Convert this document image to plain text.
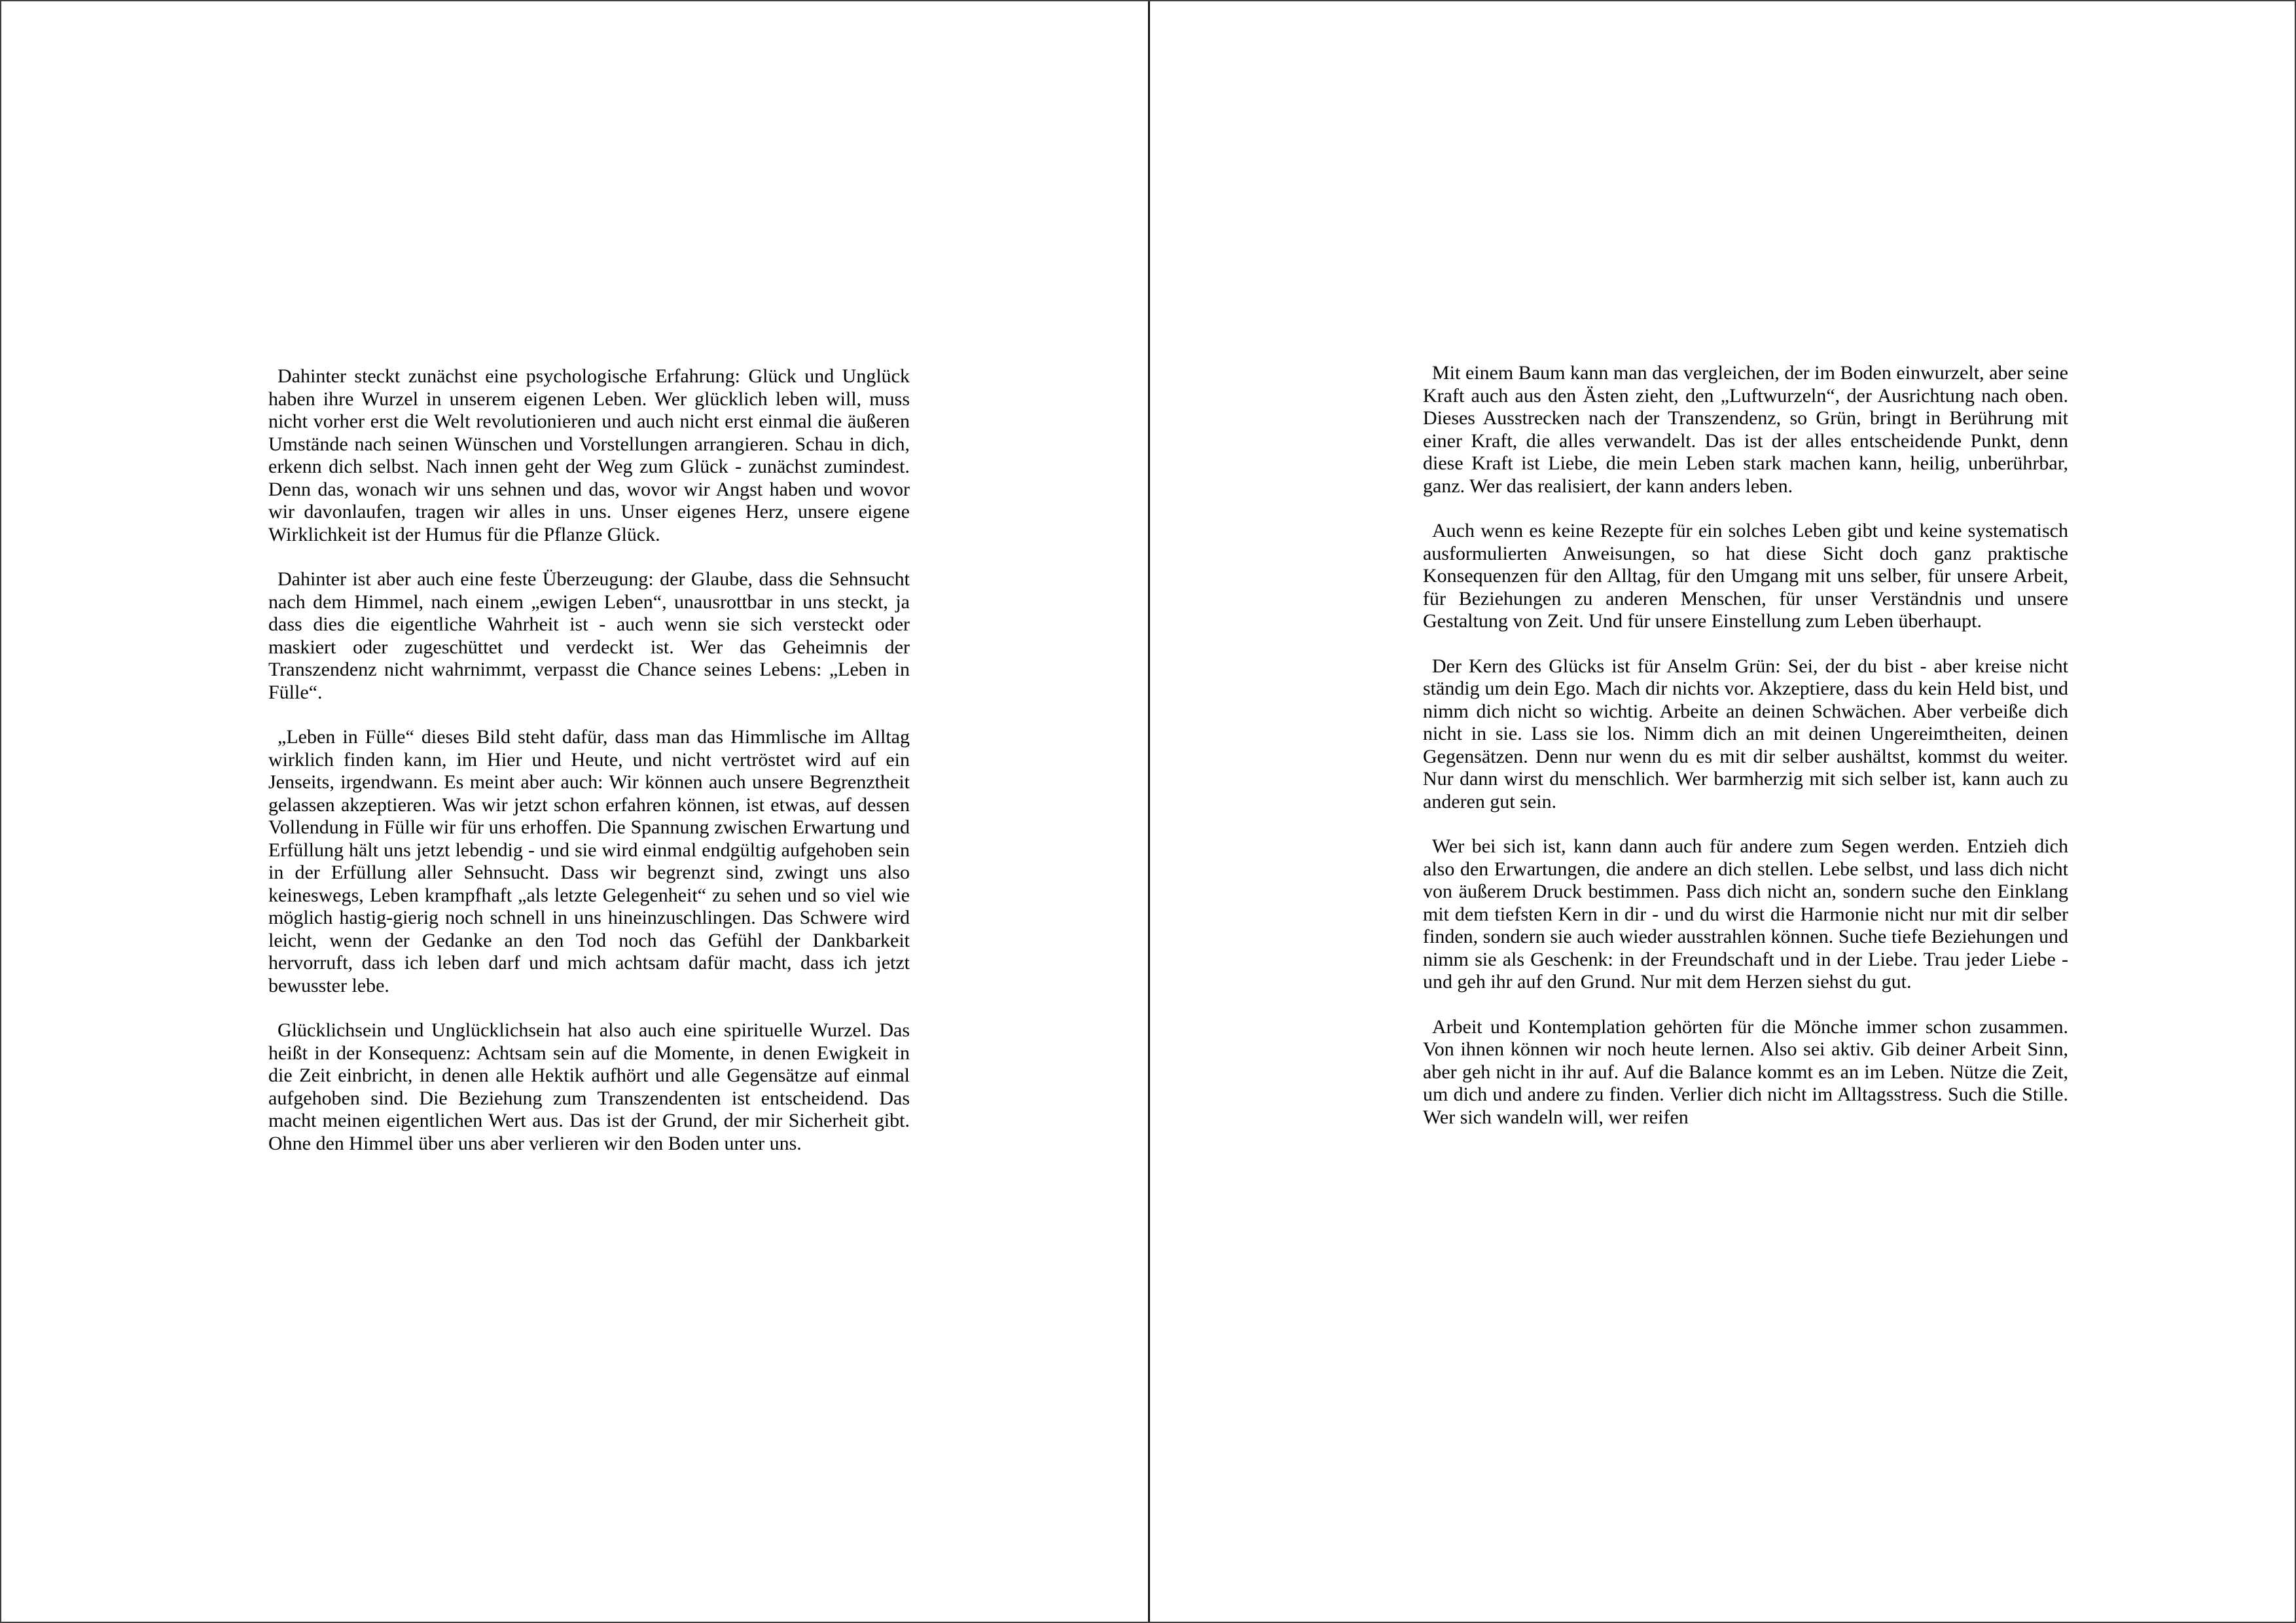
Dahinter steckt zunächst eine psychologische Erfahrung: Glück und Unglück haben ihre Wurzel in unserem eigenen Leben. Wer glücklich leben will, muss nicht vorher erst die Welt revolutionieren und auch nicht erst einmal die äußeren Umstände nach seinen Wünschen und Vorstellungen arrangieren. Schau in dich, erkenn dich selbst. Nach innen geht der Weg zum Glück - zunächst zumindest. Denn das, wonach wir uns sehnen und das, wovor wir Angst haben und wovor wir davonlaufen, tragen wir alles in uns. Unser eigenes Herz, unsere eigene Wirklichkeit ist der Humus für die Pflanze Glück.

Dahinter ist aber auch eine feste Überzeugung: der Glaube, dass die Sehnsucht nach dem Himmel, nach einem „ewigen Leben“, unausrottbar in uns steckt, ja dass dies die eigentliche Wahrheit ist - auch wenn sie sich versteckt oder maskiert oder zugeschüttet und verdeckt ist. Wer das Geheimnis der Transzendenz nicht wahrnimmt, verpasst die Chance seines Lebens: „Leben in Fülle“.

„Leben in Fülle“ dieses Bild steht dafür, dass man das Himmlische im Alltag wirklich finden kann, im Hier und Heute, und nicht vertröstet wird auf ein Jenseits, irgendwann. Es meint aber auch: Wir können auch unsere Begrenztheit gelassen akzeptieren. Was wir jetzt schon erfahren können, ist etwas, auf dessen Vollendung in Fülle wir für uns erhoffen. Die Spannung zwischen Erwartung und Erfüllung hält uns jetzt lebendig - und sie wird einmal endgültig aufgehoben sein in der Erfüllung aller Sehnsucht. Dass wir begrenzt sind, zwingt uns also keineswegs, Leben krampfhaft „als letzte Gelegenheit“ zu sehen und so viel wie möglich hastig-gierig noch schnell in uns hineinzuschlingen. Das Schwere wird leicht, wenn der Gedanke an den Tod noch das Gefühl der Dankbarkeit hervorruft, dass ich leben darf und mich achtsam dafür macht, dass ich jetzt bewusster lebe.

Glücklichsein und Unglücklichsein hat also auch eine spirituelle Wurzel. Das heißt in der Konsequenz: Achtsam sein auf die Momente, in denen Ewigkeit in die Zeit einbricht, in denen alle Hektik aufhört und alle Gegensätze auf einmal aufgehoben sind. Die Beziehung zum Transzendenten ist entscheidend. Das macht meinen eigentlichen Wert aus. Das ist der Grund, der mir Sicherheit gibt. Ohne den Himmel über uns aber verlieren wir den Boden unter uns.

Mit einem Baum kann man das vergleichen, der im Boden einwurzelt, aber seine Kraft auch aus den Ästen zieht, den „Luftwurzeln“, der Ausrichtung nach oben. Dieses Ausstrecken nach der Transzendenz, so Grün, bringt in Berührung mit einer Kraft, die alles verwandelt. Das ist der alles entscheidende Punkt, denn diese Kraft ist Liebe, die mein Leben stark machen kann, heilig, unberührbar, ganz. Wer das realisiert, der kann anders leben.

Auch wenn es keine Rezepte für ein solches Leben gibt und keine systematisch ausformulierten Anweisungen, so hat diese Sicht doch ganz praktische Konsequenzen für den Alltag, für den Umgang mit uns selber, für unsere Arbeit, für Beziehungen zu anderen Menschen, für unser Verständnis und unsere Gestaltung von Zeit. Und für unsere Einstellung zum Leben überhaupt.

Der Kern des Glücks ist für Anselm Grün: Sei, der du bist - aber kreise nicht ständig um dein Ego. Mach dir nichts vor. Akzeptiere, dass du kein Held bist, und nimm dich nicht so wichtig. Arbeite an deinen Schwächen. Aber verbeiße dich nicht in sie. Lass sie los. Nimm dich an mit deinen Ungereimtheiten, deinen Gegensätzen. Denn nur wenn du es mit dir selber aushältst, kommst du weiter. Nur dann wirst du menschlich. Wer barmherzig mit sich selber ist, kann auch zu anderen gut sein.

Wer bei sich ist, kann dann auch für andere zum Segen werden. Entzieh dich also den Erwartungen, die andere an dich stellen. Lebe selbst, und lass dich nicht von äußerem Druck bestimmen. Pass dich nicht an, sondern suche den Einklang mit dem tiefsten Kern in dir - und du wirst die Harmonie nicht nur mit dir selber finden, sondern sie auch wieder ausstrahlen können. Suche tiefe Beziehungen und nimm sie als Geschenk: in der Freundschaft und in der Liebe. Trau jeder Liebe - und geh ihr auf den Grund. Nur mit dem Herzen siehst du gut.

Arbeit und Kontemplation gehörten für die Mönche immer schon zusammen. Von ihnen können wir noch heute lernen. Also sei aktiv. Gib deiner Arbeit Sinn, aber geh nicht in ihr auf. Auf die Balance kommt es an im Leben. Nütze die Zeit, um dich und andere zu finden. Verlier dich nicht im Alltagsstress. Such die Stille. Wer sich wandeln will, wer reifen
